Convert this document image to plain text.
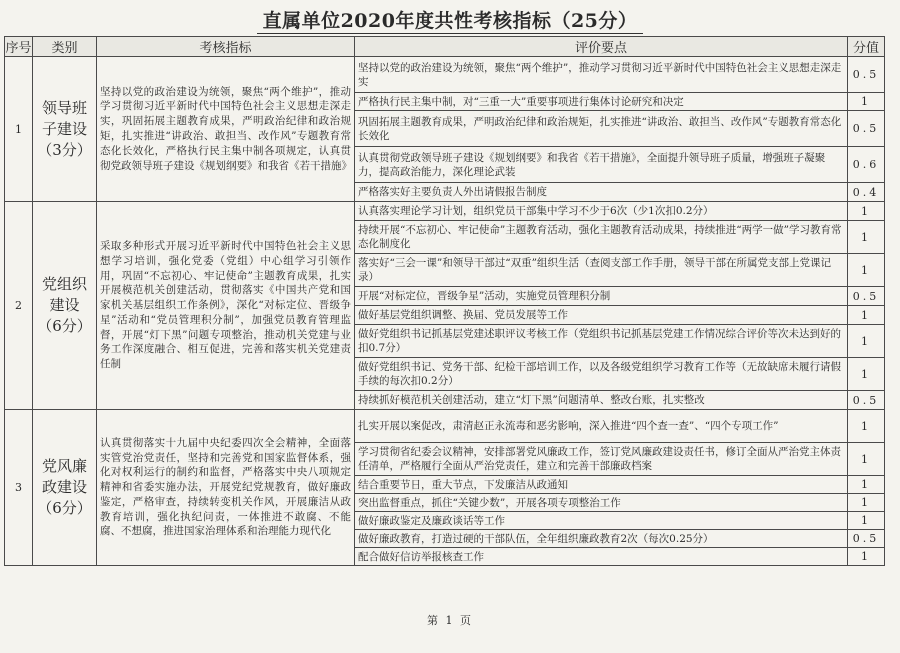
直属单位2020年度共性考核指标（25分）
序号	类别	考核指标	评价要点	分值
1	领导班
子建设
（3分）	坚持以党的政治建设为统领，聚焦“两个维护”，推动学习贯彻习近平新时代中国特色社会主义思想走深走实，巩固拓展主题教育成果，严明政治纪律和政治规矩，扎实推进“讲政治、敢担当、改作风”专题教育常态化长效化，严格执行民主集中制各项规定，认真贯彻党政领导班子建设《规划纲要》和我省《若干措施》	坚持以党的政治建设为统领，聚焦“两个维护”，推动学习贯彻习近平新时代中国特色社会主义思想走深走实	0.5
			严格执行民主集中制，对“三重一大”重要事项进行集体讨论研究和决定	1
			巩固拓展主题教育成果，严明政治纪律和政治规矩，扎实推进“讲政治、敢担当、改作风”专题教育常态化长效化	0.5
			认真贯彻党政领导班子建设《规划纲要》和我省《若干措施》，全面提升领导班子质量，增强班子凝聚力，提高政治能力，深化理论武装	0.6
			严格落实好主要负责人外出请假报告制度	0.4
2	党组织
建设
（6分）	采取多种形式开展习近平新时代中国特色社会主义思想学习培训，强化党委（党组）中心组学习引领作用，巩固“不忘初心、牢记使命”主题教育成果，扎实开展模范机关创建活动，贯彻落实《中国共产党和国家机关基层组织工作条例》，深化“对标定位、晋级争星”活动和“党员管理积分制”，加强党员教育管理监督，开展“灯下黑”问题专项整治，推动机关党建与业务工作深度融合、相互促进，完善和落实机关党建责任制	认真落实理论学习计划，组织党员干部集中学习不少于6次（少1次扣0.2分）	1
			持续开展“不忘初心、牢记使命”主题教育活动，强化主题教育活动成果，持续推进“两学一做”学习教育常态化制度化	1
			落实好“三会一课”和领导干部过“双重”组织生活（查阅支部工作手册，领导干部在所属党支部上党课记录）	1
			开展“对标定位，晋级争星”活动，实施党员管理积分制	0.5
			做好基层党组织调整、换届、党员发展等工作	1
			做好党组织书记抓基层党建述职评议考核工作（党组织书记抓基层党建工作情况综合评价等次未达到好的扣0.7分）	1
			做好党组织书记、党务干部、纪检干部培训工作，以及各级党组织学习教育工作等（无故缺席未履行请假手续的每次扣0.2分）	1
			持续抓好模范机关创建活动，建立“灯下黑”问题清单、整改台账，扎实整改	0.5
3	党风廉
政建设
（6分）	认真贯彻落实十九届中央纪委四次全会精神，全面落实管党治党责任，坚持和完善党和国家监督体系，强化对权利运行的制约和监督，严格落实中央八项规定精神和省委实施办法，开展党纪党规教育，做好廉政鉴定，严格审查，持续转变机关作风，开展廉洁从政教育培训，强化执纪问责，一体推进不敢腐、不能腐、不想腐，推进国家治理体系和治理能力现代化	扎实开展以案促改，肃清赵正永流毒和恶劣影响，深入推进“四个查一查”、“四个专项工作”	1
			学习贯彻省纪委会议精神，安排部署党风廉政工作，签订党风廉政建设责任书，修订全面从严治党主体责任清单，严格履行全面从严治党责任，建立和完善干部廉政档案	1
			结合重要节日，重大节点，下发廉洁从政通知	1
			突出监督重点，抓住“关键少数”，开展各项专项整治工作	1
			做好廉政鉴定及廉政谈话等工作	1
			做好廉政教育，打造过硬的干部队伍，全年组织廉政教育2次（每次0.25分）	0.5
			配合做好信访举报核查工作	1
第 1 页
